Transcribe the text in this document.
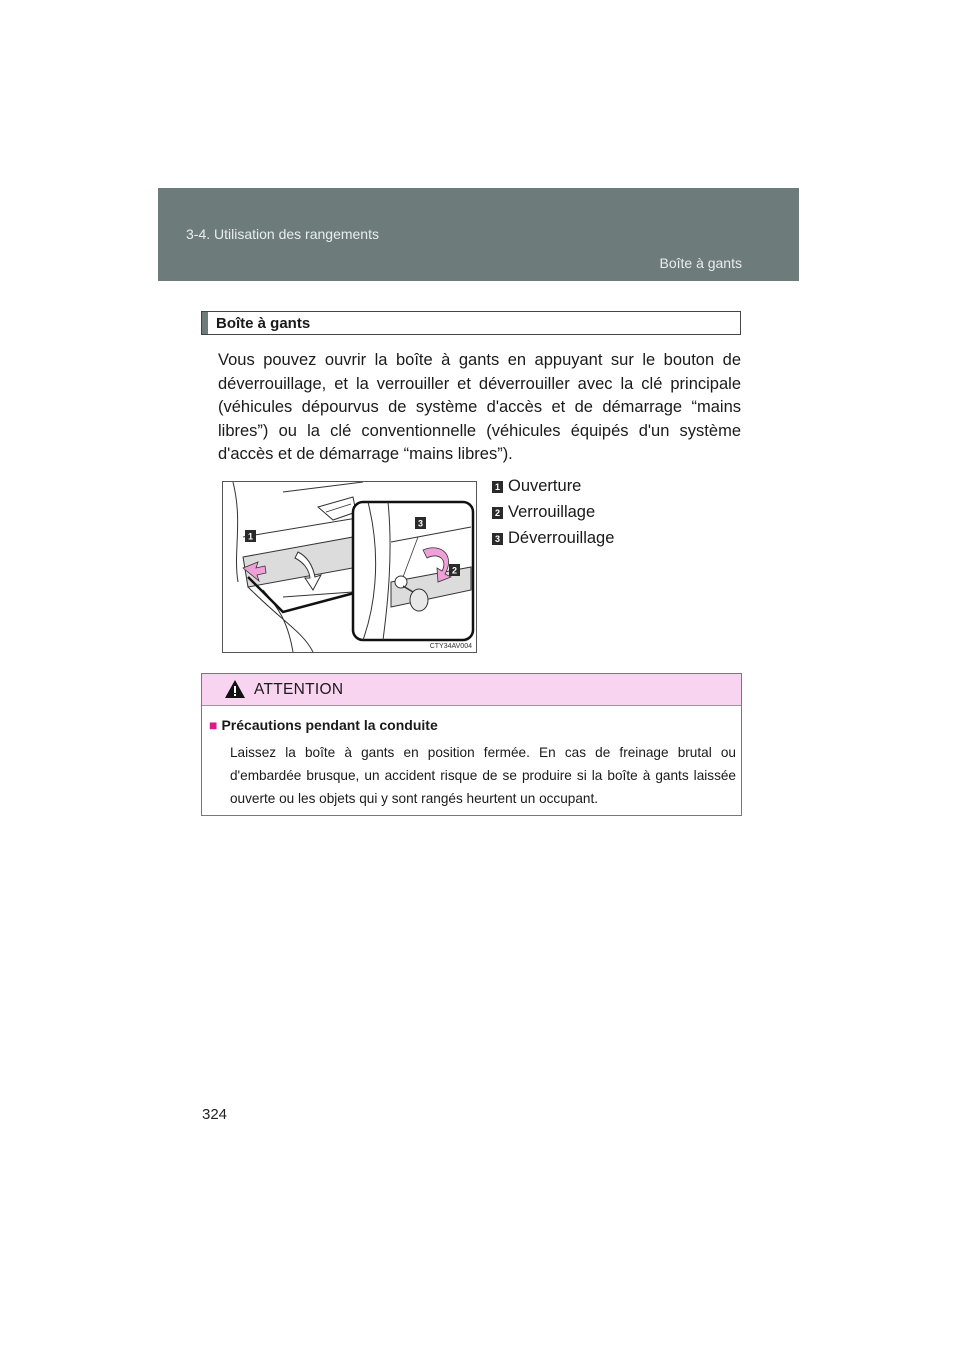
3-4. Utilisation des rangements
Boîte à gants
Boîte à gants

Vous pouvez ouvrir la boîte à gants en appuyant sur le bouton de déverrouillage, et la verrouiller et déverrouiller avec la clé principale (véhicules dépourvus de système d'accès et de démarrage “mains libres”) ou la clé conventionnelle (véhicules équipés d'un système d'accès et de démarrage “mains libres”).

1
3
2
CTY34AV004
1 Ouverture
2 Verrouillage
3 Déverrouillage
ATTENTION
■ Précautions pendant la conduite

Laissez la boîte à gants en position fermée. En cas de freinage brutal ou d'embardée brusque, un accident risque de se produire si la boîte à gants laissée ouverte ou les objets qui y sont rangés heurtent un occupant.

324
